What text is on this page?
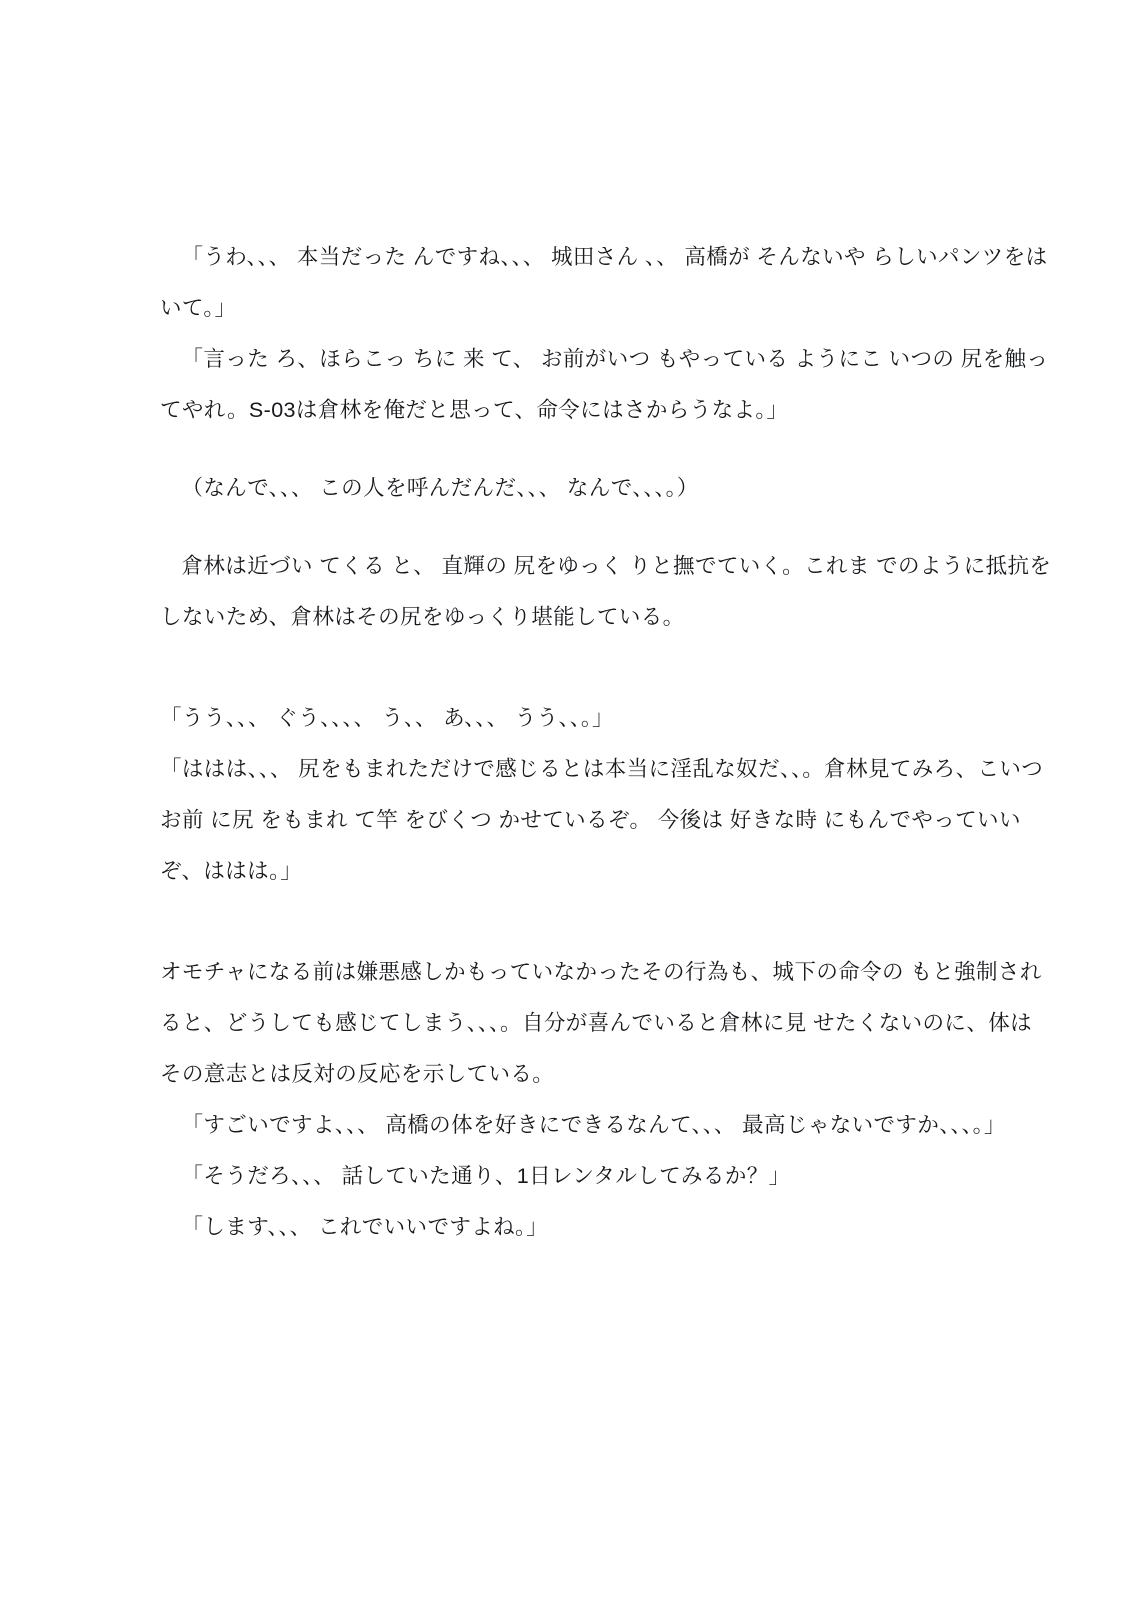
「うわ、、、 本当だった んですね、、、 城田さん 、、 高橋が そんないや らしいパンツをはいて。」

「言った ろ、ほらこっ ちに 来 て、 お前がいつ もやっている ようにこ いつの 尻を触ってやれ。S-03は倉林を俺だと思って、命令にはさからうなよ。」

（なんで、、、 この人を呼んだんだ、、、 なんで、、、。）

倉林は近づい てくる と、 直輝の 尻をゆっく りと撫でていく。これま でのように抵抗をしないため、倉林はその尻をゆっくり堪能している。

「うう、、、 ぐう、、、、 う、、 あ、、、 うう、、。」

「ははは、、、 尻をもまれただけで感じるとは本当に淫乱な奴だ、、。倉林見てみろ、こいつお前 に尻 をもまれ て竿 をびくつ かせているぞ。 今後は 好きな時 にもんでやっていいぞ、ははは。」

オモチャになる前は嫌悪感しかもっていなかったその行為も、城下の命令の もと強制されると、どうしても感じてしまう、、、。自分が喜んでいると倉林に見 せたくないのに、体はその意志とは反対の反応を示している。

「すごいですよ、、、 高橋の体を好きにできるなんて、、、 最高じゃないですか、、、。」

「そうだろ、、、 話していた通り、1日レンタルしてみるか？」

「します、、、 これでいいですよね。」
